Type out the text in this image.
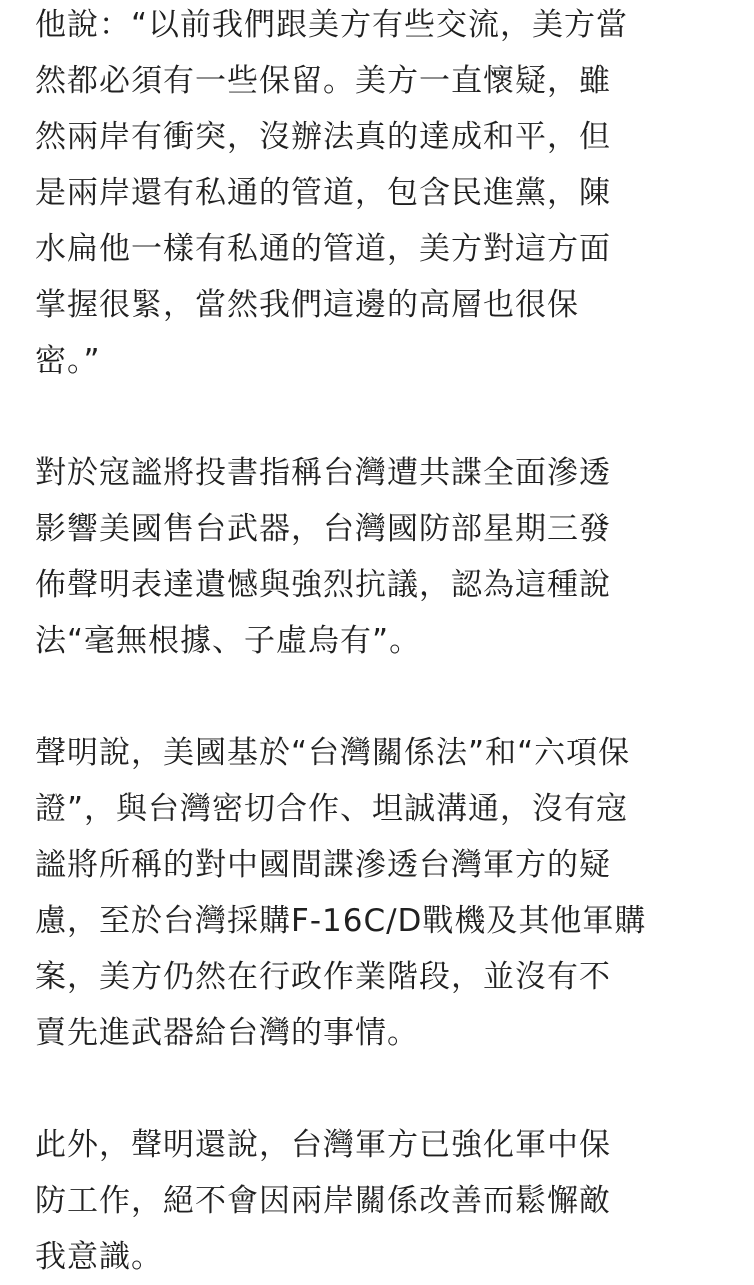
他說：“以前我們跟美方有些交流，美方當
然都必須有一些保留。美方一直懷疑，雖
然兩岸有衝突，沒辦法真的達成和平，但
是兩岸還有私通的管道，包含民進黨，陳
水扁他一樣有私通的管道，美方對這方面
掌握很緊，當然我們這邊的高層也很保
密。”
對於寇謐將投書指稱台灣遭共諜全面滲透
影響美國售台武器，台灣國防部星期三發
佈聲明表達遺憾與強烈抗議，認為這種說
法“毫無根據、子虛烏有”。
聲明說，美國基於“台灣關係法”和“六項保
證”，與台灣密切合作、坦誠溝通，沒有寇
謐將所稱的對中國間諜滲透台灣軍方的疑
慮，至於台灣採購F-16C/D戰機及其他軍購
案，美方仍然在行政作業階段，並沒有不
賣先進武器給台灣的事情。
此外，聲明還說，台灣軍方已強化軍中保
防工作，絕不會因兩岸關係改善而鬆懈敵
我意識。
